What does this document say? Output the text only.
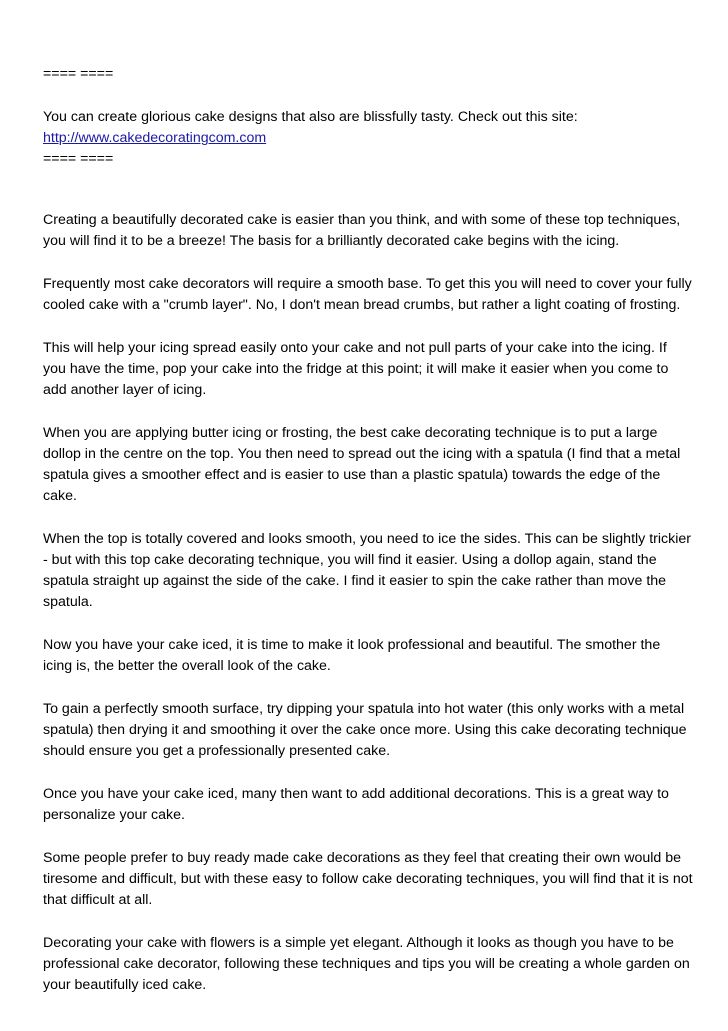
==== ====

You can create glorious cake designs that also are blissfully tasty. Check out this site:

http://www.cakedecoratingcom.com

==== ====

Creating a beautifully decorated cake is easier than you think, and with some of these top techniques, you will find it to be a breeze! The basis for a brilliantly decorated cake begins with the icing.

Frequently most cake decorators will require a smooth base. To get this you will need to cover your fully cooled cake with a "crumb layer". No, I don't mean bread crumbs, but rather a light coating of frosting.

This will help your icing spread easily onto your cake and not pull parts of your cake into the icing. If you have the time, pop your cake into the fridge at this point; it will make it easier when you come to add another layer of icing.

When you are applying butter icing or frosting, the best cake decorating technique is to put a large dollop in the centre on the top. You then need to spread out the icing with a spatula (I find that a metal spatula gives a smoother effect and is easier to use than a plastic spatula) towards the edge of the cake.

When the top is totally covered and looks smooth, you need to ice the sides. This can be slightly trickier - but with this top cake decorating technique, you will find it easier. Using a dollop again, stand the spatula straight up against the side of the cake. I find it easier to spin the cake rather than move the spatula.

Now you have your cake iced, it is time to make it look professional and beautiful. The smother the icing is, the better the overall look of the cake.

To gain a perfectly smooth surface, try dipping your spatula into hot water (this only works with a metal spatula) then drying it and smoothing it over the cake once more. Using this cake decorating technique should ensure you get a professionally presented cake.

Once you have your cake iced, many then want to add additional decorations. This is a great way to personalize your cake.

Some people prefer to buy ready made cake decorations as they feel that creating their own would be tiresome and difficult, but with these easy to follow cake decorating techniques, you will find that it is not that difficult at all.

Decorating your cake with flowers is a simple yet elegant. Although it looks as though you have to be professional cake decorator, following these techniques and tips you will be creating a whole garden on your beautifully iced cake.
